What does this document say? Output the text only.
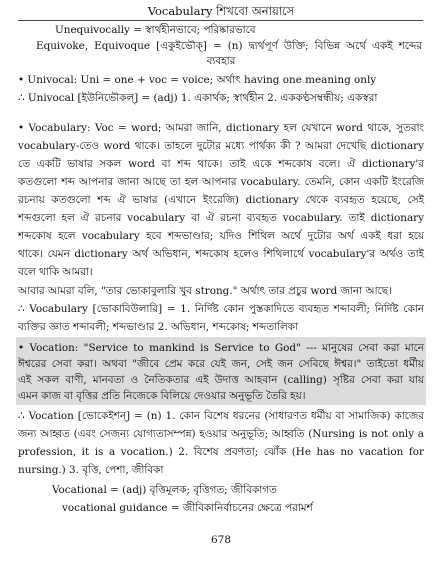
Vocabulary শিখবো অনায়াসে
Unequivocally = স্বার্থহীনভাবে; পরিষ্কারভাবে
Equivoke, Equivoque [একুইভৌক্] = (n) দ্ব্যর্থপূর্ণ উক্তি; বিভিন্ন অর্থে একই শব্দের
ব্যবহার
• Univocal: Uni = one + voc = voice; অর্থাৎ having one meaning only
∴ Univocal [ইউনিভৌকল্] = (adj) 1. একার্থক; স্বার্থহীন 2. এককণ্ঠসম্বন্ধীয়; একস্বরা
• Vocabulary: Voc = word; আমরা জানি, dictionary হল যেখানে word থাকে, সুতরাং
vocabulary-তেও word থাকে। তাহলে দুটোর মধ্যে পার্থক্য কী ? আমরা দেখেছি dictionary
তে একটি ভাষার সকল word বা শব্দ থাকে। তাই একে শব্দকোষ বলে। ঐ dictionary'র
কতগুলো শব্দ আপনার জানা আছে তা হল আপনার vocabulary. তেমনি, কোন একটি ইংরেজি
রচনায় কতগুলো শব্দ ঐ ভাষার (এখানে ইংরেজি) dictionary থেকে ব্যবহৃত হয়েছে, সেই
শব্দগুলো হল ঐ রচনার vocabulary বা ঐ রচনা ব্যবহৃত vocabulary. তাই dictionary
শব্দকোষ হলে vocabulary হবে শব্দভাণ্ডার; যদিও শিথিল অর্থে দুটোর অর্থ একই ধরা হয়ে
থাকে। যেমন dictionary অর্থ অভিধান, শব্দকোষ হলেও শিথিলার্থে vocabulary'র অর্থও তাই
বলে থাকি আমরা।
আবার আমরা বলি, "তার ভোকাবুলারি খুব strong." অর্থাৎ তার প্রচুর word জানা আছে।
∴ Vocabulary [ভোকাবিউলারি] = 1. নির্দিষ্ট কোন পুস্তকাদিতে ব্যবহৃত শব্দাবলী; নির্দিষ্ট কোন
ব্যক্তির জ্ঞাত শব্দাবলী; শব্দভাণ্ডার 2. অভিধান, শব্দকোষ; শব্দতালিকা
• Vocation: "Service to mankind is Service to God" --- মানুষের সেবা করা মানে
ঈশ্বরের সেবা করা। অথবা "জীবে প্রেম করে যেই জন, সেই জন সেবিছে ঈশ্বর।" তাইতো ধর্মীয়
এই সকল বাণী, মানবতা ও নৈতিকতার এই উদাত্ত আহবান (calling) সৃষ্টির সেবা করা যায়
এমন কাজ বা বৃত্তির প্রতি নিজেকে বিলিয়ে দেওয়ার অনুভূতি তৈরি হয়।
∴ Vocation [ভোকেইশন্] = (n) 1. কোন বিশেষ ধরনের (সাধারণত ধর্মীয় বা সামাজিক) কাজের
জন্য আহ্বত (এবং সেজন্য যোগ্যতাসম্পন্ন) হওয়ার অনুভূতি; আহ্বতি (Nursing is not only a
profession, it is a vocation.) 2. বিশেষ প্রবণতা; ঝোঁক (He has no vacation for
nursing.) 3. বৃত্তি, পেশা, জীবিকা
Vocational = (adj) বৃত্তিমূলক; বৃত্তিগত; জীবিকাগত
vocational guidance = জীবিকানির্বাচনের ক্ষেত্রে পরামর্শ
678
